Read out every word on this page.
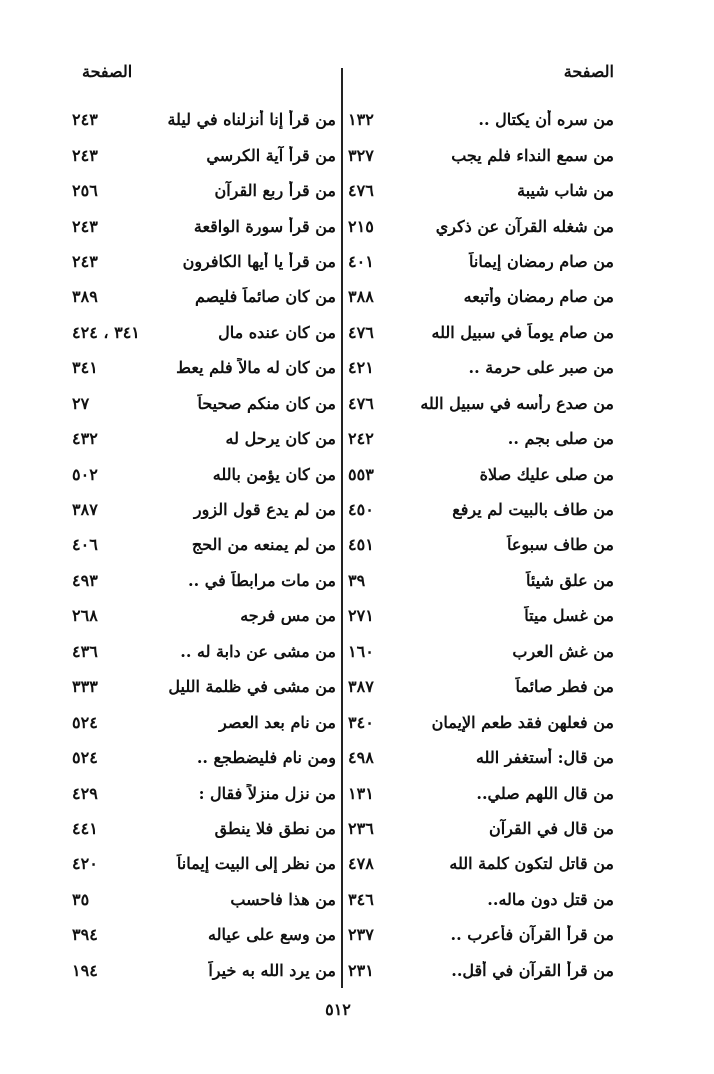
الصفحة
الصفحة
من سره أن يكتال ..
١٣٢
من سمع النداء فلم يجب
٣٢٧
من شاب شيبة
٤٧٦
من شغله القرآن عن ذكري
٢١٥
من صام رمضان إيماناً
٤٠١
من صام رمضان وأتبعه
٣٨٨
من صام يوماً في سبيل الله
٤٧٦
من صبر على حرمة ..
٤٢١
من صدع رأسه في سبيل الله
٤٧٦
من صلى بجم ..
٢٤٢
من صلى عليك صلاة
٥٥٣
من طاف بالبيت لم يرفع
٤٥٠
من طاف سبوعاً
٤٥١
من علق شيئاً
٣٩
من غسل ميتاً
٢٧١
من غش العرب
١٦٠
من فطر صائماً
٣٨٧
من فعلهن فقد طعم الإيمان
٣٤٠
من قال: أستغفر الله
٤٩٨
من قال اللهم صلي..
١٣١
من قال في القرآن
٢٣٦
من قاتل لتكون كلمة الله
٤٧٨
من قتل دون ماله..
٣٤٦
من قرأ القرآن فأعرب ..
٢٣٧
من قرأ القرآن في أقل..
٢٣١
من قرأ إنا أنزلناه في ليلة
٢٤٣
من قرأ آية الكرسي
٢٤٣
من قرأ ربع القرآن
٢٥٦
من قرأ سورة الواقعة
٢٤٣
من قرأ يا أيها الكافرون
٢٤٣
من كان صائماً فليصم
٣٨٩
من كان عنده مال
٣٤١ ، ٤٢٤
من كان له مالاً فلم يعط
٣٤١
من كان منكم صحيحاً
٢٧
من كان يرحل له
٤٣٢
من كان يؤمن بالله
٥٠٢
من لم يدع قول الزور
٣٨٧
من لم يمنعه من الحج
٤٠٦
من مات مرابطاً في ..
٤٩٣
من مس فرجه
٢٦٨
من مشى عن دابة له ..
٤٣٦
من مشى في ظلمة الليل
٣٣٣
من نام بعد العصر
٥٢٤
ومن نام فليضطجع ..
٥٢٤
من نزل منزلاً فقال :
٤٢٩
من نطق فلا ينطق
٤٤١
من نظر إلى البيت إيماناً
٤٢٠
من هذا فاحسب
٣٥
من وسع على عياله
٣٩٤
من يرد الله به خيراً
١٩٤
٥١٢
